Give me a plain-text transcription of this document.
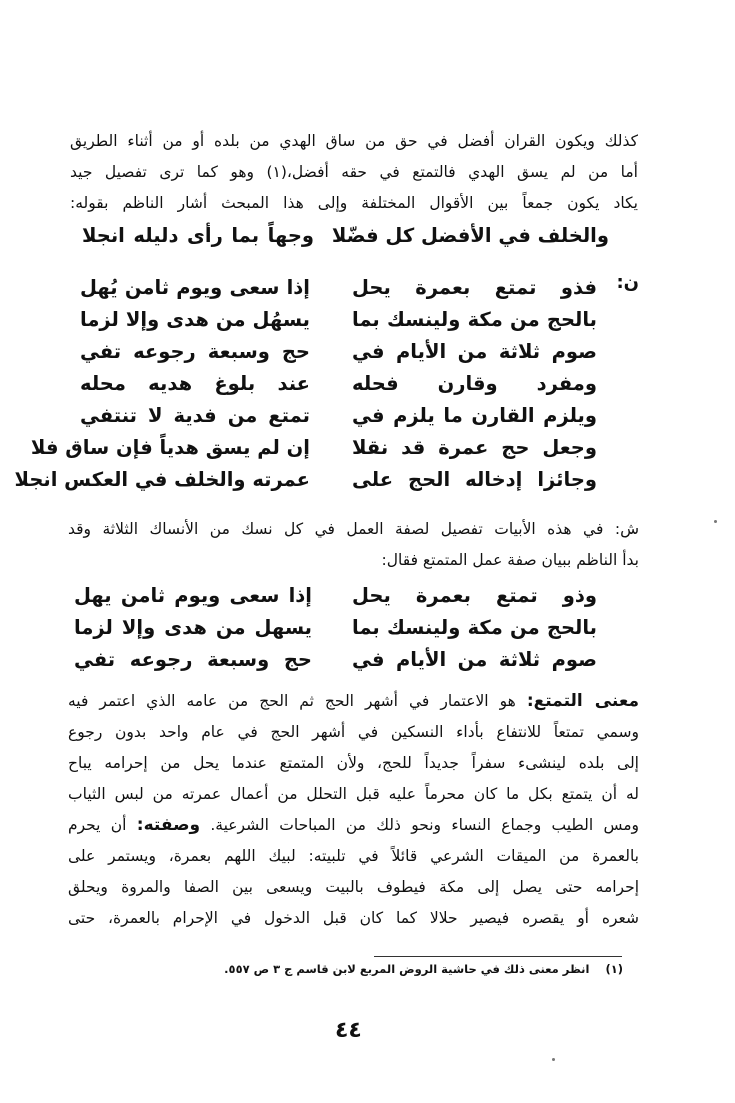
كذلك ويكون القران أفضل في حق من ساق الهدي من بلده أو من أثناء الطريق
أما من لم يسق الهدي فالتمتع في حقه أفضل،(١) وهو كما ترى تفصيل جيد
يكاد يكون جمعاً بين الأقوال المختلفة وإلى هذا المبحث أشار الناظم بقوله:
والخلف في الأفضل كل فضّلا
وجهاً بما رأى دليله انجلا
ن:
فذو تمتع بعمرة يحل
إذا سعى ويوم ثامن يُهل
بالحج من مكة ولينسك بما
يسهُل من هدى وإلا لزما
صوم ثلاثة من الأيام في
حج وسبعة رجوعه تفي
ومفرد وقارن فحله
عند بلوغ هديه محله
ويلزم القارن ما يلزم في
تمتع من فدية لا تنتفي
وجعل حج عمرة قد نقلا
إن لم يسق هدياً فإن ساق فلا
وجائزا إدخاله الحج على
عمرته والخلف في العكس انجلا
ش: في هذه الأبيات تفصيل لصفة العمل في كل نسك من الأنساك الثلاثة وقد
بدأ الناظم ببيان صفة عمل المتمتع فقال:
وذو تمتع بعمرة يحل
إذا سعى ويوم ثامن يهل
بالحج من مكة ولينسك بما
يسهل من هدى وإلا لزما
صوم ثلاثة من الأيام في
حج وسبعة رجوعه تفي
معنى التمتع: هو الاعتمار في أشهر الحج ثم الحج من عامه الذي اعتمر فيه
وسمي تمتعاً للانتفاع بأداء النسكين في أشهر الحج في عام واحد بدون رجوع
إلى بلده لينشىء سفراً جديداً للحج، ولأن المتمتع عندما يحل من إحرامه يباح
له أن يتمتع بكل ما كان محرماً عليه قبل التحلل من أعمال عمرته من لبس الثياب
ومس الطيب وجماع النساء ونحو ذلك من المباحات الشرعية. وصفته: أن يحرم
بالعمرة من الميقات الشرعي قائلاً في تلبيته: لبيك اللهم بعمرة، ويستمر على
إحرامه حتى يصل إلى مكة فيطوف بالبيت ويسعى بين الصفا والمروة ويحلق
شعره أو يقصره فيصير حلالا كما كان قبل الدخول في الإحرام بالعمرة، حتى
(١)    انظر معنى ذلك في حاشية الروض المربع لابن قاسم ج ٣ ص ٥٥٧.
٤٤
